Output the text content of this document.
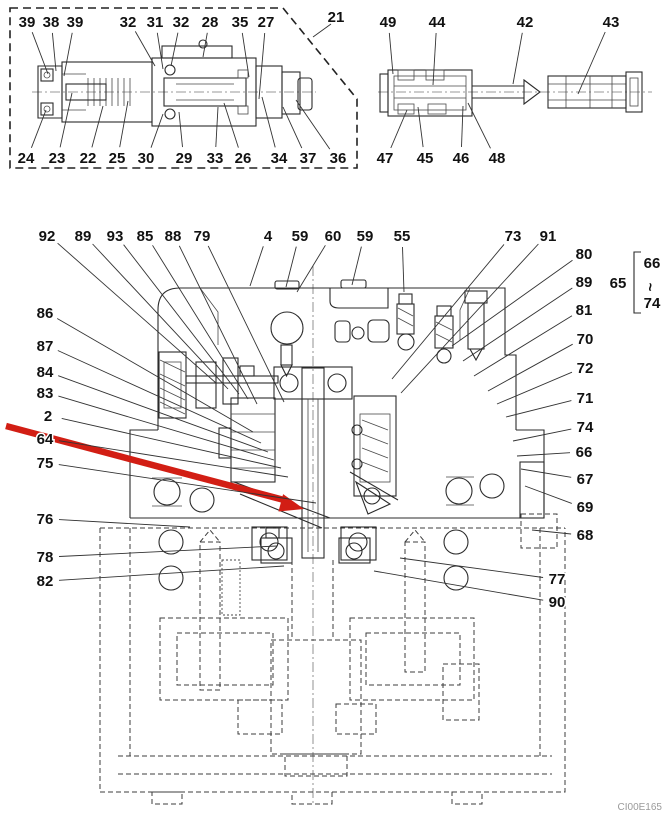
39 38 39 32 31 32 28 35 27
24 23 22 25 30 29 33 26 34 37 36
49 44	42	43
47 45 46 48
92 89 93 85 88 79	4 59 60 59 55	73 91
86
87
84
83
2
64
75
76
78
82
80
89
81
70
72
71
74
66
67
69
68
77
90
21
65
66
~
74
CI00E165
